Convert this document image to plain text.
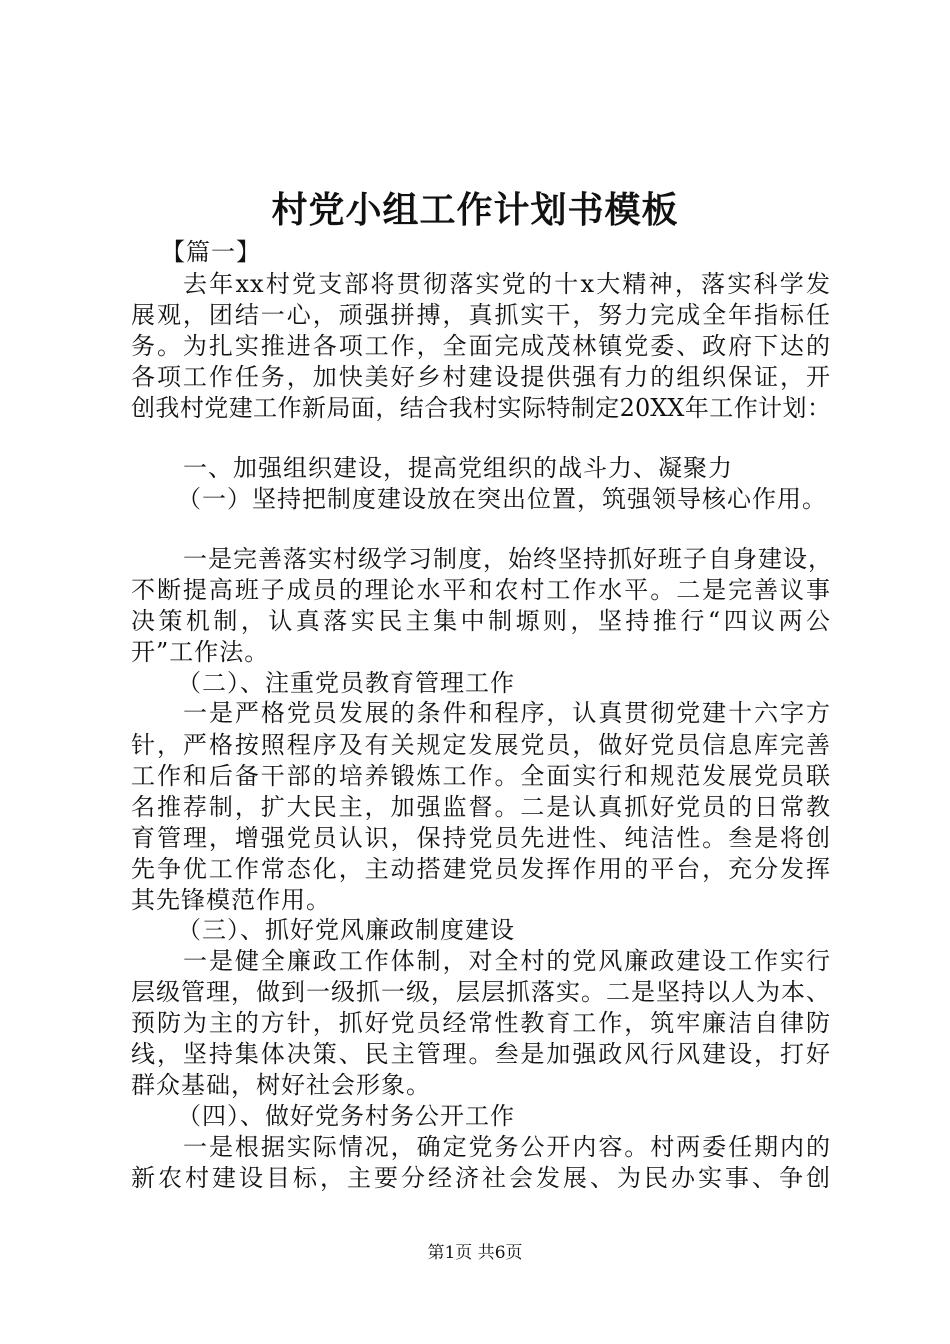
村党小组工作计划书模板
【篇一】
去年xx村党支部将贯彻落实党的十x大精神，落实科学发
展观，团结一心，顽强拼搏，真抓实干，努力完成全年指标任
务。为扎实推进各项工作，全面完成茂林镇党委、政府下达的
各项工作任务，加快美好乡村建设提供强有力的组织保证，开
创我村党建工作新局面，结合我村实际特制定20XX年工作计划：
一、加强组织建设，提高党组织的战斗力、凝聚力
（一）坚持把制度建设放在突出位置，筑强领导核心作用。
一是完善落实村级学习制度，始终坚持抓好班子自身建设，
不断提高班子成员的理论水平和农村工作水平。二是完善议事
决策机制，认真落实民主集中制塬则，坚持推行“四议两公
开”工作法。
（二）、注重党员教育管理工作
一是严格党员发展的条件和程序，认真贯彻党建十六字方
针，严格按照程序及有关规定发展党员，做好党员信息库完善
工作和后备干部的培养锻炼工作。全面实行和规范发展党员联
名推荐制，扩大民主，加强监督。二是认真抓好党员的日常教
育管理，增强党员认识，保持党员先进性、纯洁性。叁是将创
先争优工作常态化，主动搭建党员发挥作用的平台，充分发挥
其先锋模范作用。
（三）、抓好党风廉政制度建设
一是健全廉政工作体制，对全村的党风廉政建设工作实行
层级管理，做到一级抓一级，层层抓落实。二是坚持以人为本、
预防为主的方针，抓好党员经常性教育工作，筑牢廉洁自律防
线，坚持集体决策、民主管理。叁是加强政风行风建设，打好
群众基础，树好社会形象。
（四）、做好党务村务公开工作
一是根据实际情况，确定党务公开内容。村两委任期内的
新农村建设目标，主要分经济社会发展、为民办实事、争创
第1页 共6页
